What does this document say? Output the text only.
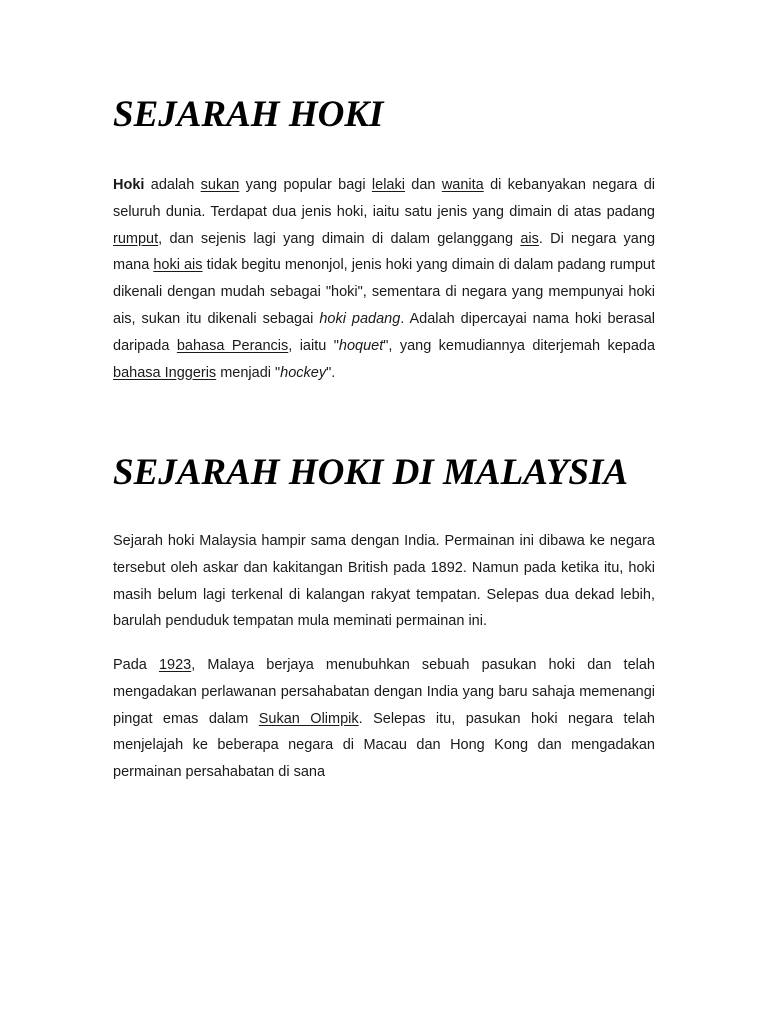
SEJARAH HOKI

Hoki adalah sukan yang popular bagi lelaki dan wanita di kebanyakan negara di seluruh dunia. Terdapat dua jenis hoki, iaitu satu jenis yang dimain di atas padang rumput, dan sejenis lagi yang dimain di dalam gelanggang ais. Di negara yang mana hoki ais tidak begitu menonjol, jenis hoki yang dimain di dalam padang rumput dikenali dengan mudah sebagai "hoki", sementara di negara yang mempunyai hoki ais, sukan itu dikenali sebagai hoki padang. Adalah dipercayai nama hoki berasal daripada bahasa Perancis, iaitu "hoquet", yang kemudiannya diterjemah kepada bahasa Inggeris menjadi "hockey".

SEJARAH HOKI DI MALAYSIA

Sejarah hoki Malaysia hampir sama dengan India. Permainan ini dibawa ke negara tersebut oleh askar dan kakitangan British pada 1892. Namun pada ketika itu, hoki masih belum lagi terkenal di kalangan rakyat tempatan. Selepas dua dekad lebih, barulah penduduk tempatan mula meminati permainan ini.

Pada 1923, Malaya berjaya menubuhkan sebuah pasukan hoki dan telah mengadakan perlawanan persahabatan dengan India yang baru sahaja memenangi pingat emas dalam Sukan Olimpik. Selepas itu, pasukan hoki negara telah menjelajah ke beberapa negara di Macau dan Hong Kong dan mengadakan permainan persahabatan di sana
